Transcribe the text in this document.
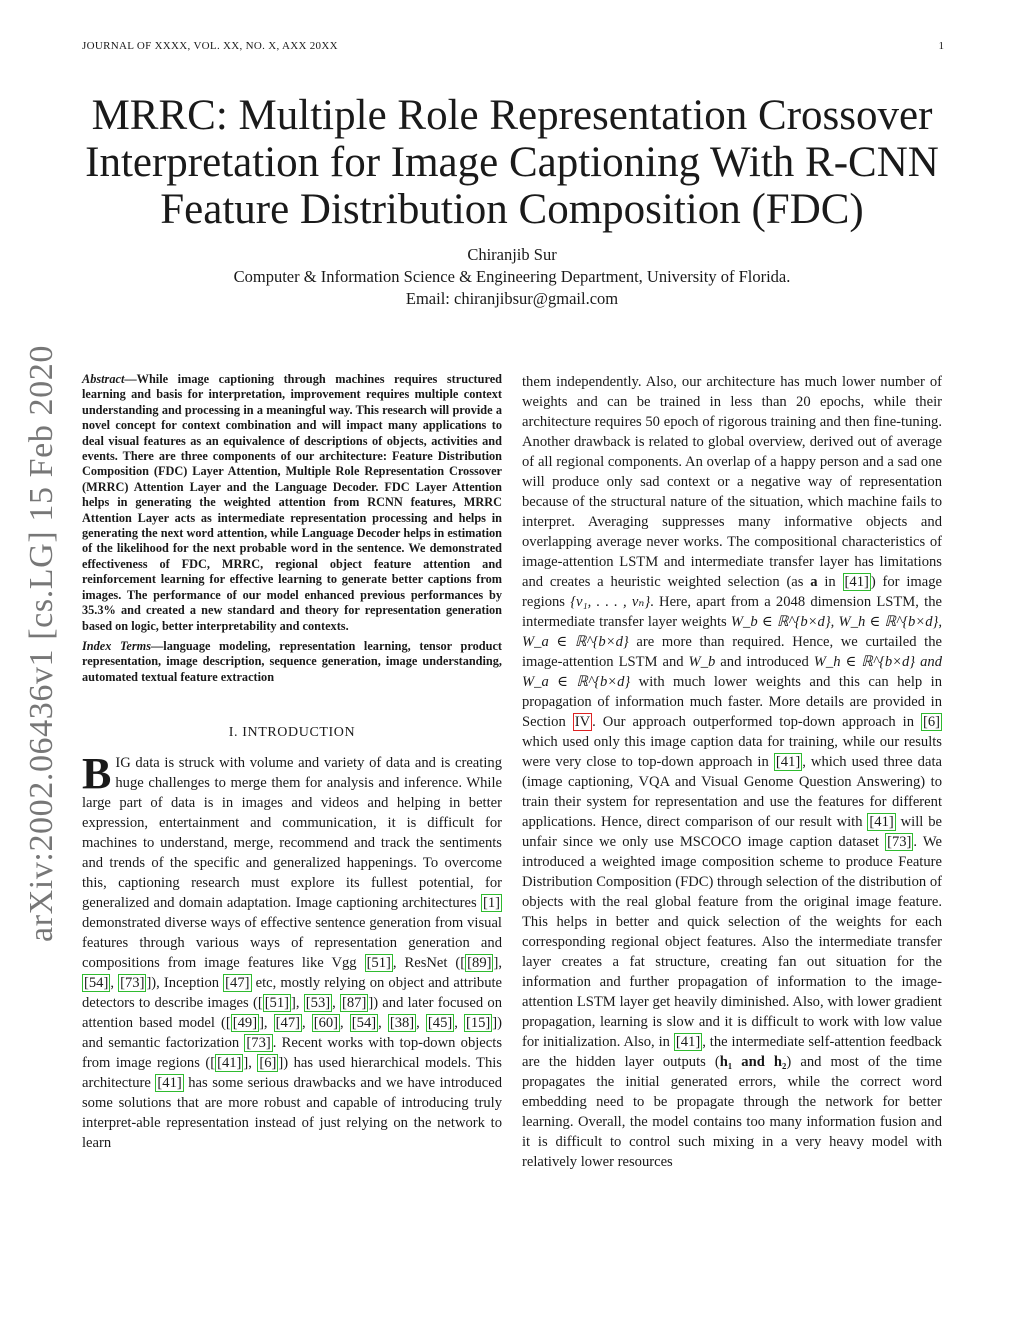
JOURNAL OF XXXX, VOL. XX, NO. X, AXX 20XX	1
arXiv:2002.06436v1 [cs.LG] 15 Feb 2020
MRRC: Multiple Role Representation Crossover
Interpretation for Image Captioning With R-CNN
Feature Distribution Composition (FDC)
Chiranjib Sur
Computer & Information Science & Engineering Department, University of Florida.
Email: chiranjibsur@gmail.com
Abstract—While image captioning through machines requires structured learning and basis for interpretation, improvement requires multiple context understanding and processing in a meaningful way. This research will provide a novel concept for context combination and will impact many applications to deal visual features as an equivalence of descriptions of objects, activities and events. There are three components of our architecture: Feature Distribution Composition (FDC) Layer Attention, Multiple Role Representation Crossover (MRRC) Attention Layer and the Language Decoder. FDC Layer Attention helps in generating the weighted attention from RCNN features, MRRC Attention Layer acts as intermediate representation processing and helps in generating the next word attention, while Language Decoder helps in estimation of the likelihood for the next probable word in the sentence. We demonstrated effectiveness of FDC, MRRC, regional object feature attention and reinforcement learning for effective learning to generate better captions from images. The performance of our model enhanced previous performances by 35.3% and created a new standard and theory for representation generation based on logic, better interpretability and contexts.
Index Terms—language modeling, representation learning, tensor product representation, image description, sequence generation, image understanding, automated textual feature extraction
I. INTRODUCTION

BIG data is struck with volume and variety of data and is creating huge challenges to merge them for analysis and inference. While large part of data is in images and videos and helping in better expression, entertainment and communication, it is difficult for machines to understand, merge, recommend and track the sentiments and trends of the specific and generalized happenings. To overcome this, captioning research must explore its fullest potential, for generalized and domain adaptation. Image captioning architectures [1] demonstrated diverse ways of effective sentence generation from visual features through various ways of representation generation and compositions from image features like Vgg [51] , ResNet ([ [89] ], [54] , [73] ]), Inception [47] etc, mostly relying on object and attribute detectors to describe images ([ [51] ], [53] , [87] ]) and later focused on attention based model ([ [49] ], [47] , [60] , [54] , [38] , [45] , [15] ]) and semantic factorization [73] . Recent works with top-down objects from image regions ([ [41] ], [6] ]) has used hierarchical models. This architecture [41] has some serious drawbacks and we have introduced some solutions that are more robust and capable of introducing truly interpret-able representation instead of just relying on the network to learn

them independently. Also, our architecture has much lower number of weights and can be trained in less than 20 epochs, while their architecture requires 50 epoch of rigorous training and then fine-tuning. Another drawback is related to global overview, derived out of average of all regional components. An overlap of a happy person and a sad one will produce only sad context or a negative way of representation because of the structural nature of the situation, which machine fails to interpret. Averaging suppresses many informative objects and overlapping average never works. The compositional characteristics of image-attention LSTM and intermediate transfer layer has limitations and creates a heuristic weighted selection (as a in [41] ) for image regions {v₁, . . . , vₙ}. Here, apart from a 2048 dimension LSTM, the intermediate transfer layer weights W_b ∈ ℝ^{b×d}, W_h ∈ ℝ^{b×d}, W_a ∈ ℝ^{b×d} are more than required. Hence, we curtailed the image-attention LSTM and W_b and introduced W_h ∈ ℝ^{b×d} and W_a ∈ ℝ^{b×d} with much lower weights and this can help in propagation of information much faster. More details are provided in Section IV . Our approach outperformed top-down approach in [6] which used only this image caption data for training, while our results were very close to top-down approach in [41] , which used three data (image captioning, VQA and Visual Genome Question Answering) to train their system for representation and use the features for different applications. Hence, direct comparison of our result with [41] will be unfair since we only use MSCOCO image caption dataset [73] . We introduced a weighted image composition scheme to produce Feature Distribution Composition (FDC) through selection of the distribution of objects with the real global feature from the original image feature. This helps in better and quick selection of the weights for each corresponding regional object features. Also the intermediate transfer layer creates a fat structure, creating fan out situation for the information and further propagation of information to the image-attention LSTM layer get heavily diminished. Also, with lower gradient propagation, learning is slow and it is difficult to work with low value for initialization. Also, in [41] , the intermediate self-attention feedback are the hidden layer outputs (h₁ and h₂) and most of the time propagates the initial generated errors, while the correct word embedding need to be propagate through the network for better learning. Overall, the model contains too many information fusion and it is difficult to control such mixing in a very heavy model with relatively lower resources
